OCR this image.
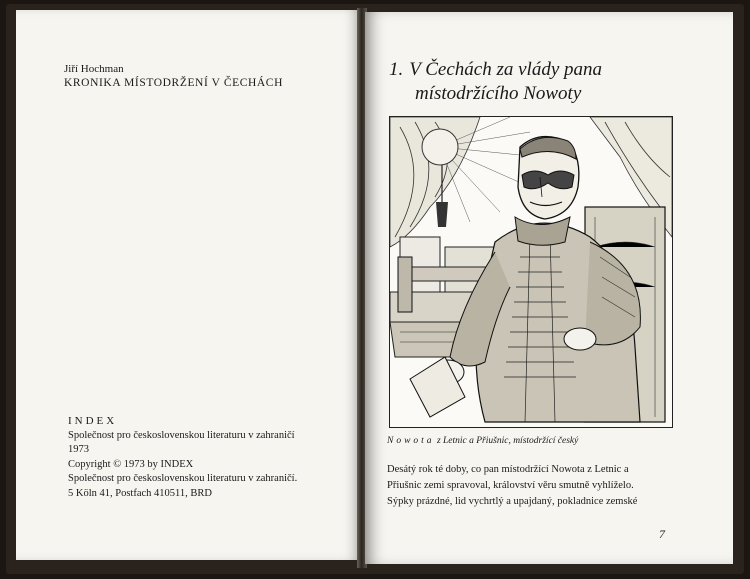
Jiří Hochman
KRONIKA MÍSTODRŽENÍ V ČECHÁCH
INDEX
Společnost pro československou literaturu v zahraničí
1973
Copyright © 1973 by INDEX
Společnost pro československou literaturu v zahraničí.
5 Köln 41, Postfach 410511, BRD
1. V Čechách za vlády pana
místodržícího Nowoty
Nowota z Letnic a Přiušnic, místodržící český
Desátý rok té doby, co pan místodržící Nowota z Letnic a
Přiušnic zemi spravoval, království věru smutně vyhlíželo.
Sýpky prázdné, lid vychrtlý a upajdaný, pokladnice zemské
7
